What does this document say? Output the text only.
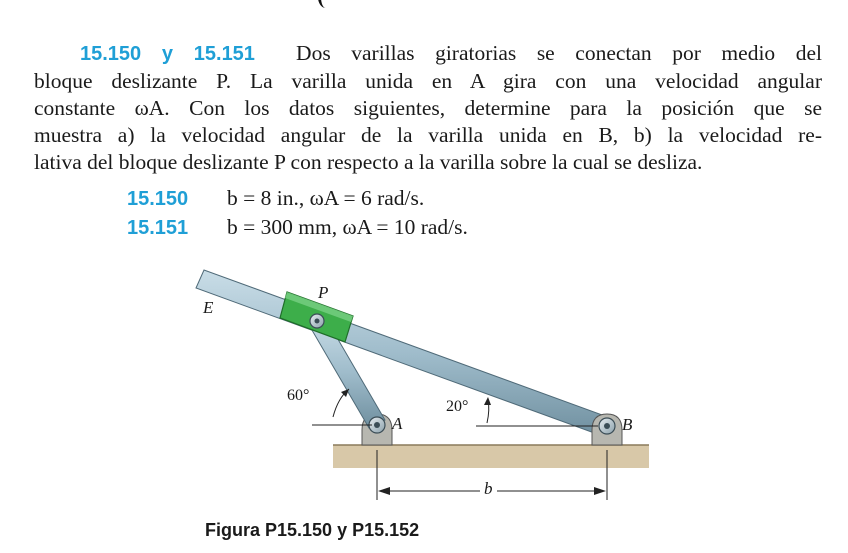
15.150 y 15.151 Dos varillas giratorias se conectan por medio del
bloque deslizante P. La varilla unida en A gira con una velocidad angular
constante ωA. Con los datos siguientes, determine para la posición que se
muestra a) la velocidad angular de la varilla unida en B, b) la velocidad re-
lativa del bloque deslizante P con respecto a la varilla sobre la cual se desliza.
15.150 b = 8 in., ωA = 6 rad/s.
15.151 b = 300 mm, ωA = 10 rad/s.
E
P
A	B
60°
20°
b
Figura P15.150 y P15.152
